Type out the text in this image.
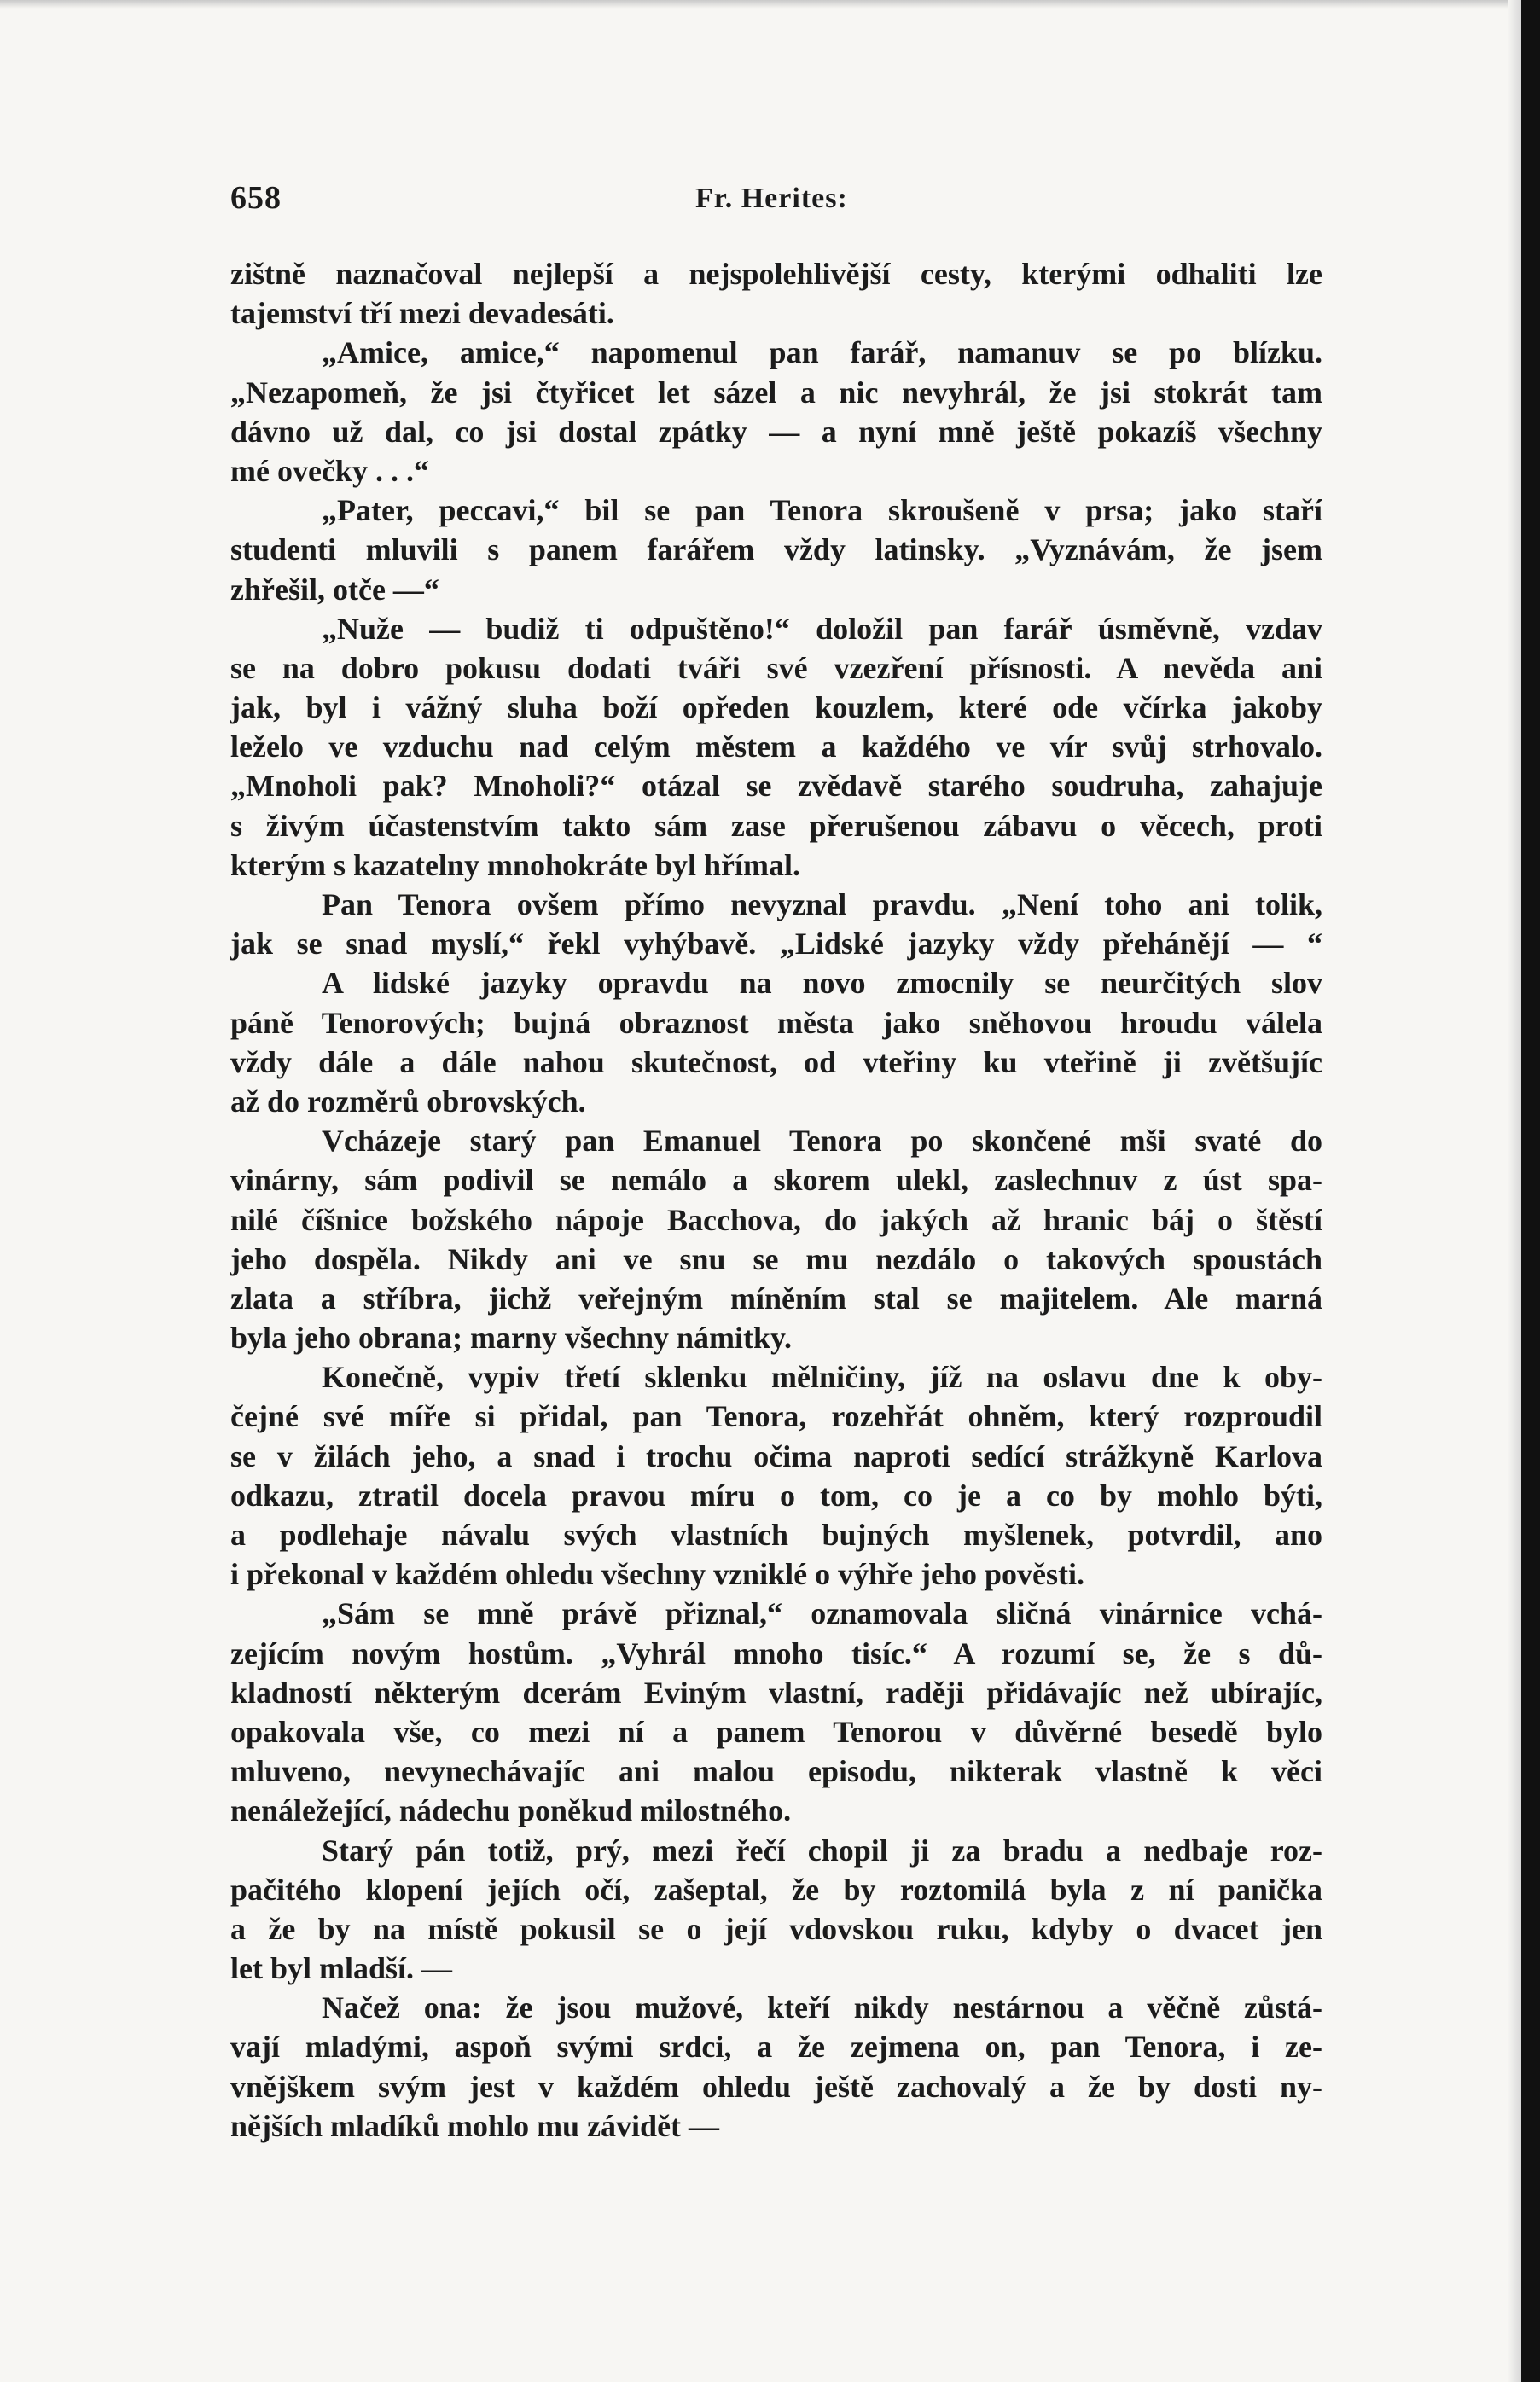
658	Fr. Herites:
zištně naznačoval nejlepší a nejspolehlivější cesty, kterými odhaliti lze
tajemství tří mezi devadesáti.
„Amice, amice,“ napomenul pan farář, namanuv se po blízku.
„Nezapomeň, že jsi čtyřicet let sázel a nic nevyhrál, že jsi stokrát tam
dávno už dal, co jsi dostal zpátky — a nyní mně ještě pokazíš všechny
mé ovečky . . .“
„Pater, peccavi,“ bil se pan Tenora skroušeně v prsa; jako staří
studenti mluvili s panem farářem vždy latinsky. „Vyznávám, že jsem
zhřešil, otče —“
„Nuže — budiž ti odpuštěno!“ doložil pan farář úsměvně, vzdav
se na dobro pokusu dodati tváři své vzezření přísnosti. A nevěda ani
jak, byl i vážný sluha boží opředen kouzlem, které ode včírka jakoby
leželo ve vzduchu nad celým městem a každého ve vír svůj strhovalo.
„Mnoholi pak? Mnoholi?“ otázal se zvědavě starého soudruha, zahajuje
s živým účastenstvím takto sám zase přerušenou zábavu o věcech, proti
kterým s kazatelny mnohokráte byl hřímal.
Pan Tenora ovšem přímo nevyznal pravdu. „Není toho ani tolik,
jak se snad myslí,“ řekl vyhýbavě. „Lidské jazyky vždy přehánějí — “
A lidské jazyky opravdu na novo zmocnily se neurčitých slov
páně Tenorových; bujná obraznost města jako sněhovou hroudu válela
vždy dále a dále nahou skutečnost, od vteřiny ku vteřině ji zvětšujíc
až do rozměrů obrovských.
Vcházeje starý pan Emanuel Tenora po skončené mši svaté do
vinárny, sám podivil se nemálo a skorem ulekl, zaslechnuv z úst spa-
nilé číšnice božského nápoje Bacchova, do jakých až hranic báj o štěstí
jeho dospěla. Nikdy ani ve snu se mu nezdálo o takových spoustách
zlata a stříbra, jichž veřejným míněním stal se majitelem. Ale marná
byla jeho obrana; marny všechny námitky.
Konečně, vypiv třetí sklenku mělničiny, jíž na oslavu dne k oby-
čejné své míře si přidal, pan Tenora, rozehřát ohněm, který rozproudil
se v žilách jeho, a snad i trochu očima naproti sedící strážkyně Karlova
odkazu, ztratil docela pravou míru o tom, co je a co by mohlo býti,
a podlehaje návalu svých vlastních bujných myšlenek, potvrdil, ano
i překonal v každém ohledu všechny vzniklé o výhře jeho pověsti.
„Sám se mně právě přiznal,“ oznamovala sličná vinárnice vchá-
zejícím novým hostům. „Vyhrál mnoho tisíc.“ A rozumí se, že s dů-
kladností některým dcerám Eviným vlastní, raději přidávajíc než ubírajíc,
opakovala vše, co mezi ní a panem Tenorou v důvěrné besedě bylo
mluveno, nevynechávajíc ani malou episodu, nikterak vlastně k věci
nenáležející, nádechu poněkud milostného.
Starý pán totiž, prý, mezi řečí chopil ji za bradu a nedbaje roz-
pačitého klopení jejích očí, zašeptal, že by roztomilá byla z ní panička
a že by na místě pokusil se o její vdovskou ruku, kdyby o dvacet jen
let byl mladší. —
Načež ona: že jsou mužové, kteří nikdy nestárnou a věčně zůstá-
vají mladými, aspoň svými srdci, a že zejmena on, pan Tenora, i ze-
vnějškem svým jest v každém ohledu ještě zachovalý a že by dosti ny-
nějších mladíků mohlo mu závidět —
